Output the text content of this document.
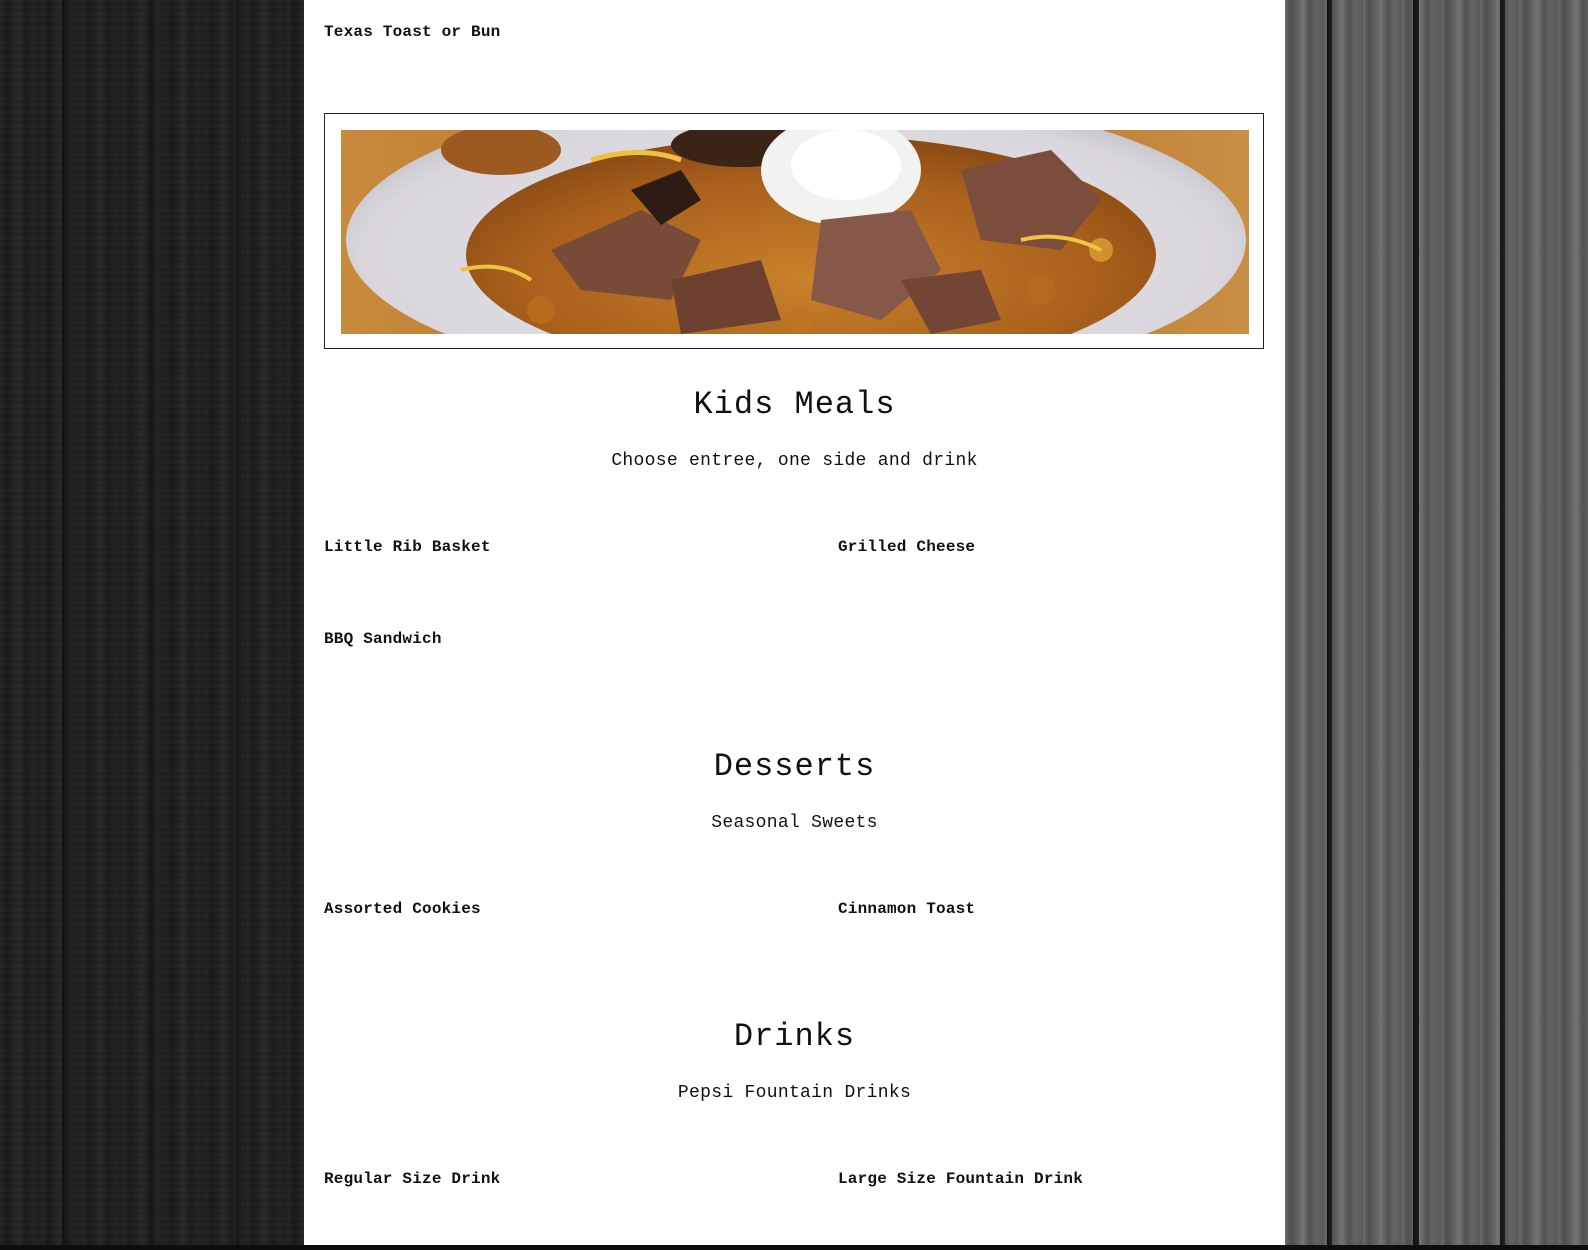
Texas Toast or Bun
Kids Meals
Choose entree, one side and drink
Little Rib Basket	Grilled Cheese
BBQ Sandwich
Desserts
Seasonal Sweets
Assorted Cookies	Cinnamon Toast
Drinks
Pepsi Fountain Drinks
Regular Size Drink	Large Size Fountain Drink
